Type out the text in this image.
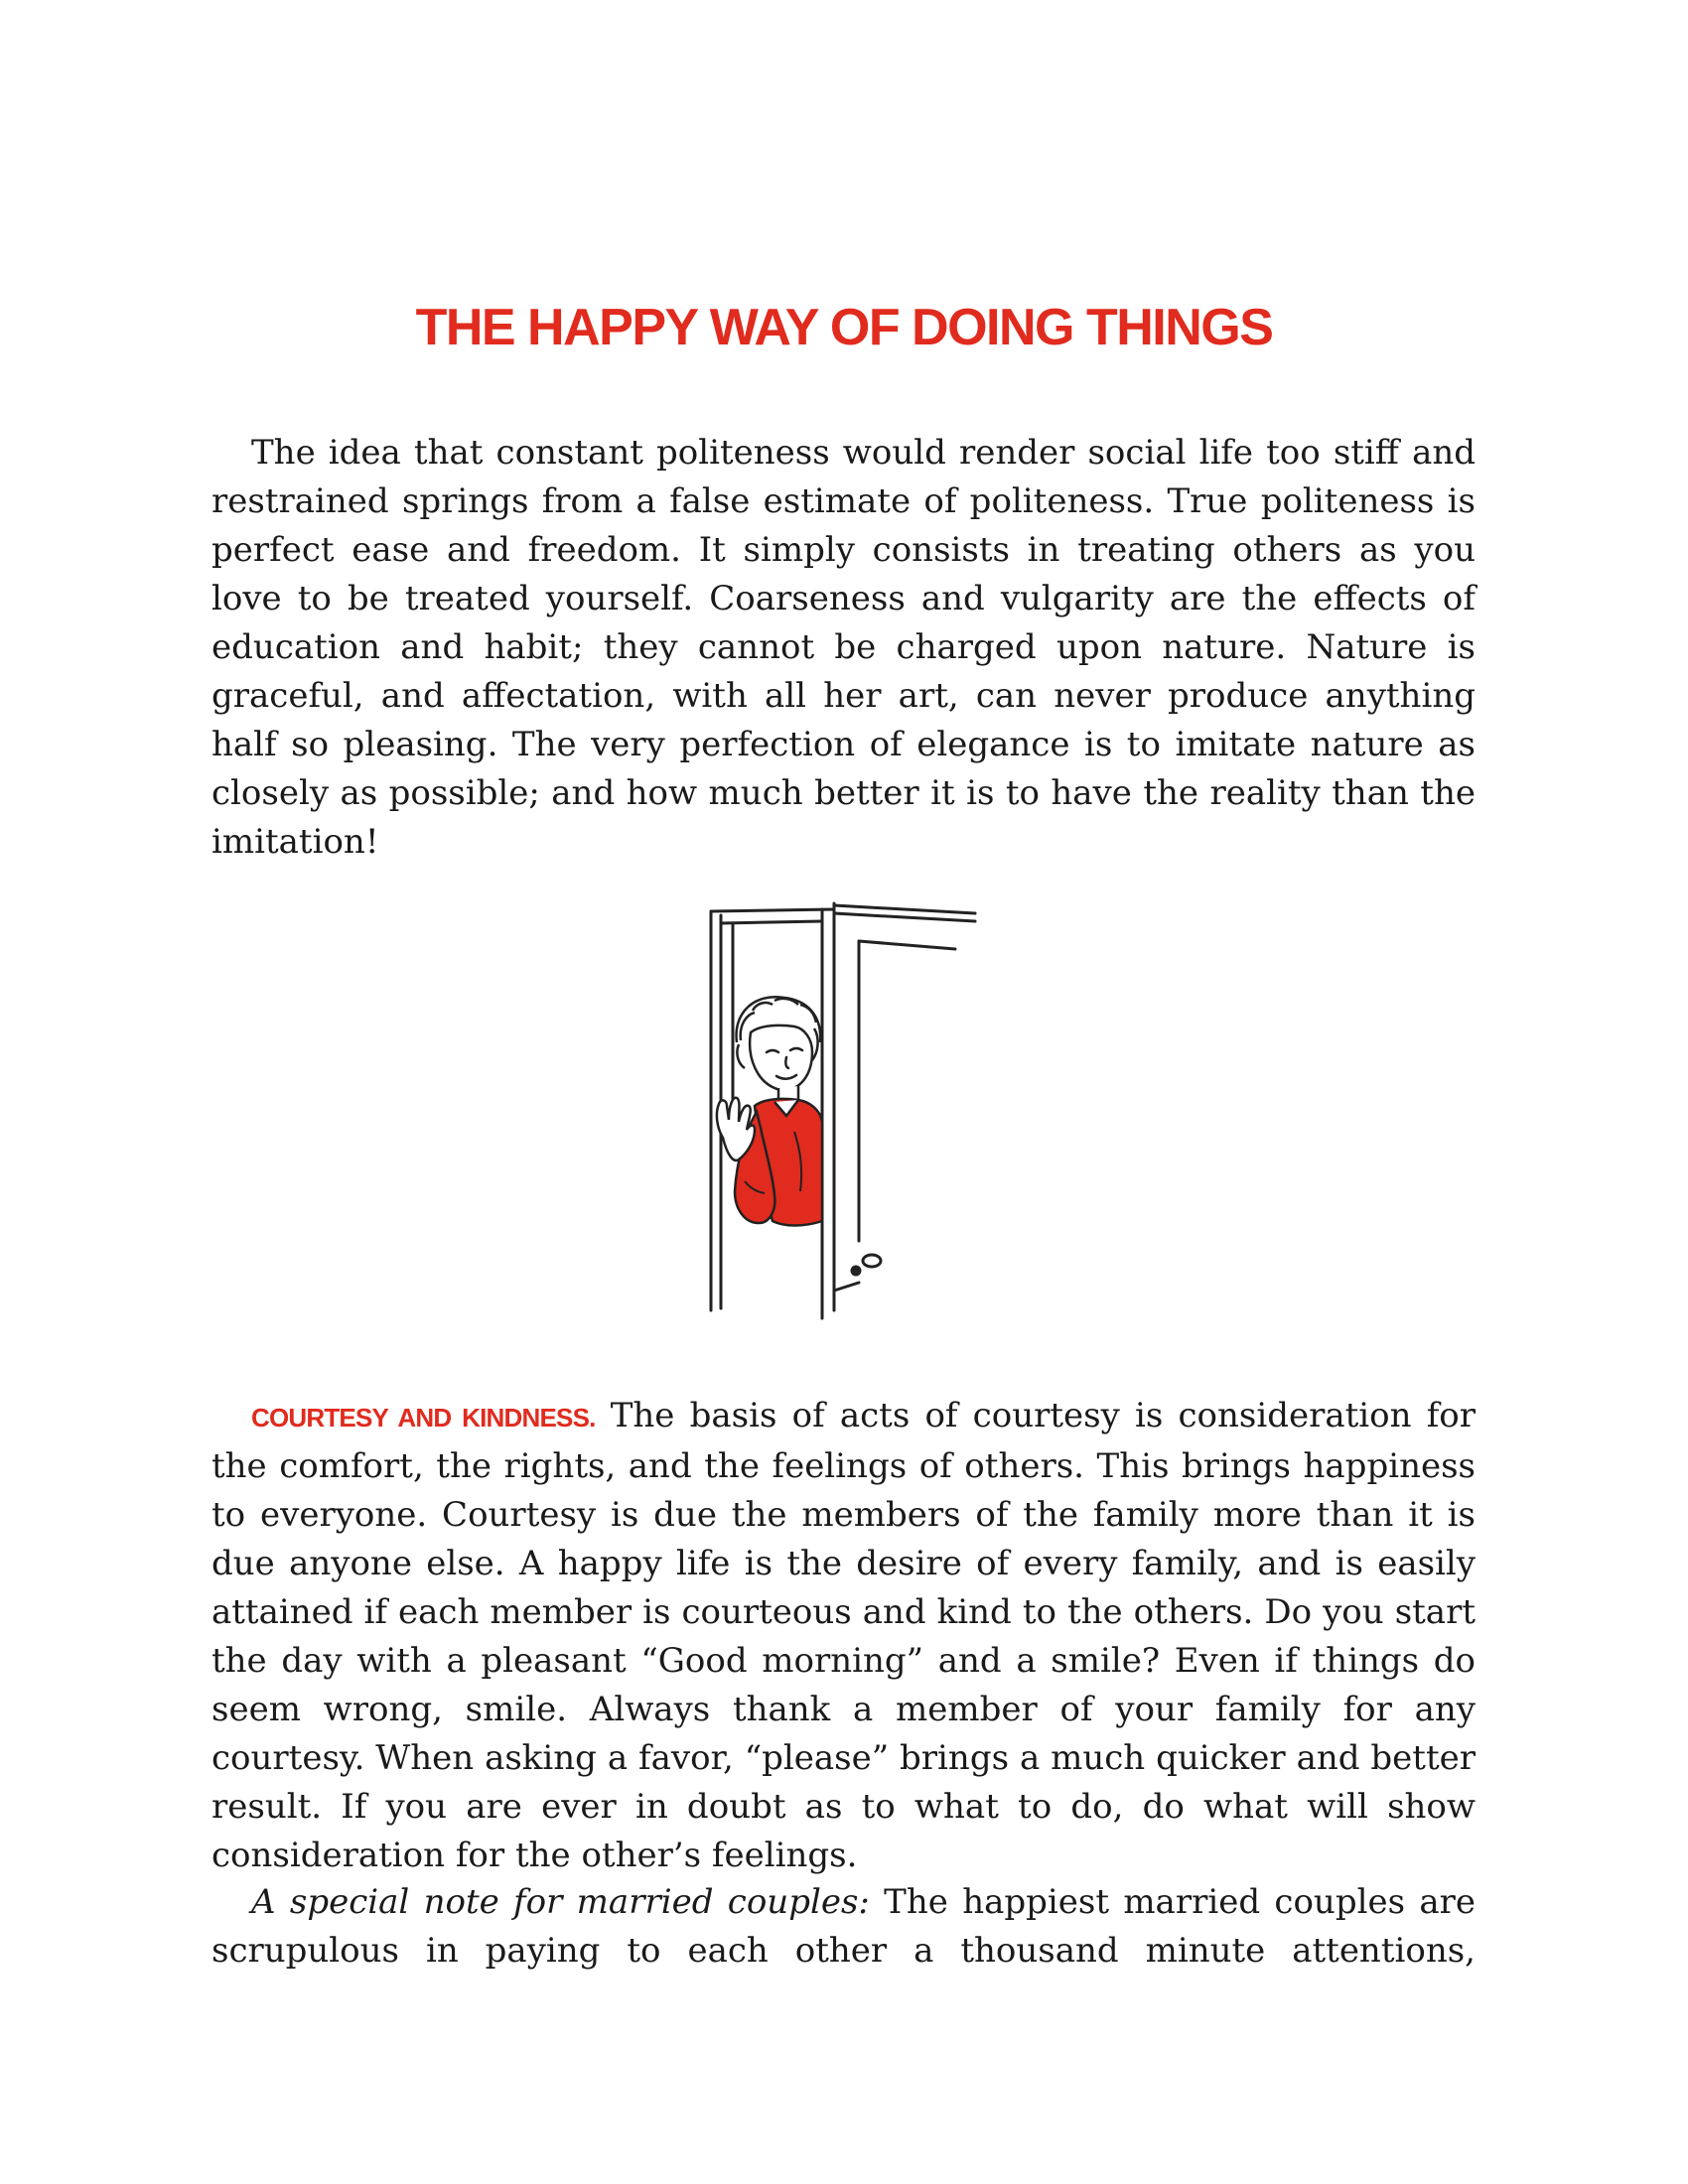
THE HAPPY WAY OF DOING THINGS

The idea that constant politeness would render social life too stiff and restrained springs from a false estimate of politeness. True politeness is perfect ease and freedom. It simply consists in treating others as you love to be treated yourself. Coarseness and vulgarity are the effects of education and habit; they cannot be charged upon nature. Nature is graceful, and affectation, with all her art, can never produce anything half so pleasing. The very perfection of elegance is to imitate nature as closely as possible; and how much better it is to have the reality than the imitation!

COURTESY AND KINDNESS. The basis of acts of courtesy is consideration for the comfort, the rights, and the feelings of others. This brings happiness to everyone. Courtesy is due the members of the family more than it is due anyone else. A happy life is the desire of every family, and is easily attained if each member is courteous and kind to the others. Do you start the day with a pleasant “Good morning” and a smile? Even if things do seem wrong, smile. Always thank a member of your family for any courtesy. When asking a favor, “please” brings a much quicker and better result. If you are ever in doubt as to what to do, do what will show consideration for the other’s feelings.

A special note for married couples: The happiest married couples are scrupulous in paying to each other a thousand minute attentions,
